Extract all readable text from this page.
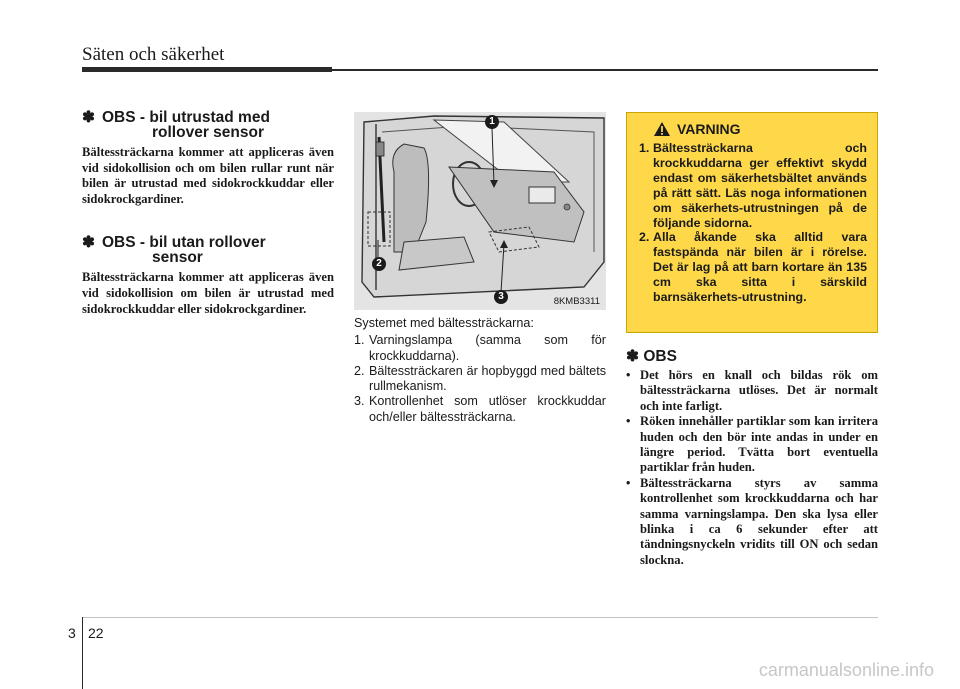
Säten och säkerhet
✽ OBS - bil utrustad med
rollover sensor

Bältessträckarna kommer att appliceras även vid sidokollision och om bilen rullar runt när bilen är utrustad med sidokrockkuddar eller sidokrockgardiner.

✽ OBS - bil utan rollover
sensor

Bältessträckarna kommer att appliceras även vid sidokollision om bilen är utrustad med sidokrockkuddar eller sidokrockgardiner.

1
2
3	8KMB3311
Systemet med bältessträckarna:
1. Varningslampa (samma som för krockkuddarna).
2. Bältessträckaren är hopbyggd med bältets rullmekanism.
3. Kontrollenhet som utlöser krockkuddar och/eller bältessträckarna.
VARNING
1. Bältessträckarna och krockkuddarna ger effektivt skydd endast om säkerhetsbältet används på rätt sätt. Läs noga informationen om säkerhets-utrustningen på de följande sidorna.
2. Alla åkande ska alltid vara fastspända när bilen är i rörelse. Det är lag på att barn kortare än 135 cm ska sitta i särskild barnsäkerhets-utrustning.
✽ OBS
• Det hörs en knall och bildas rök om bältessträckarna utlöses. Det är normalt och inte farligt.
• Röken innehåller partiklar som kan irritera huden och den bör inte andas in under en längre period. Tvätta bort eventuella partiklar från huden.
• Bältessträckarna styrs av samma kontrollenhet som krockkuddarna och har samma varningslampa. Den ska lysa eller blinka i ca 6 sekunder efter att tändningsnyckeln vridits till ON och sedan slockna.
3 22
carmanualsonline.info
